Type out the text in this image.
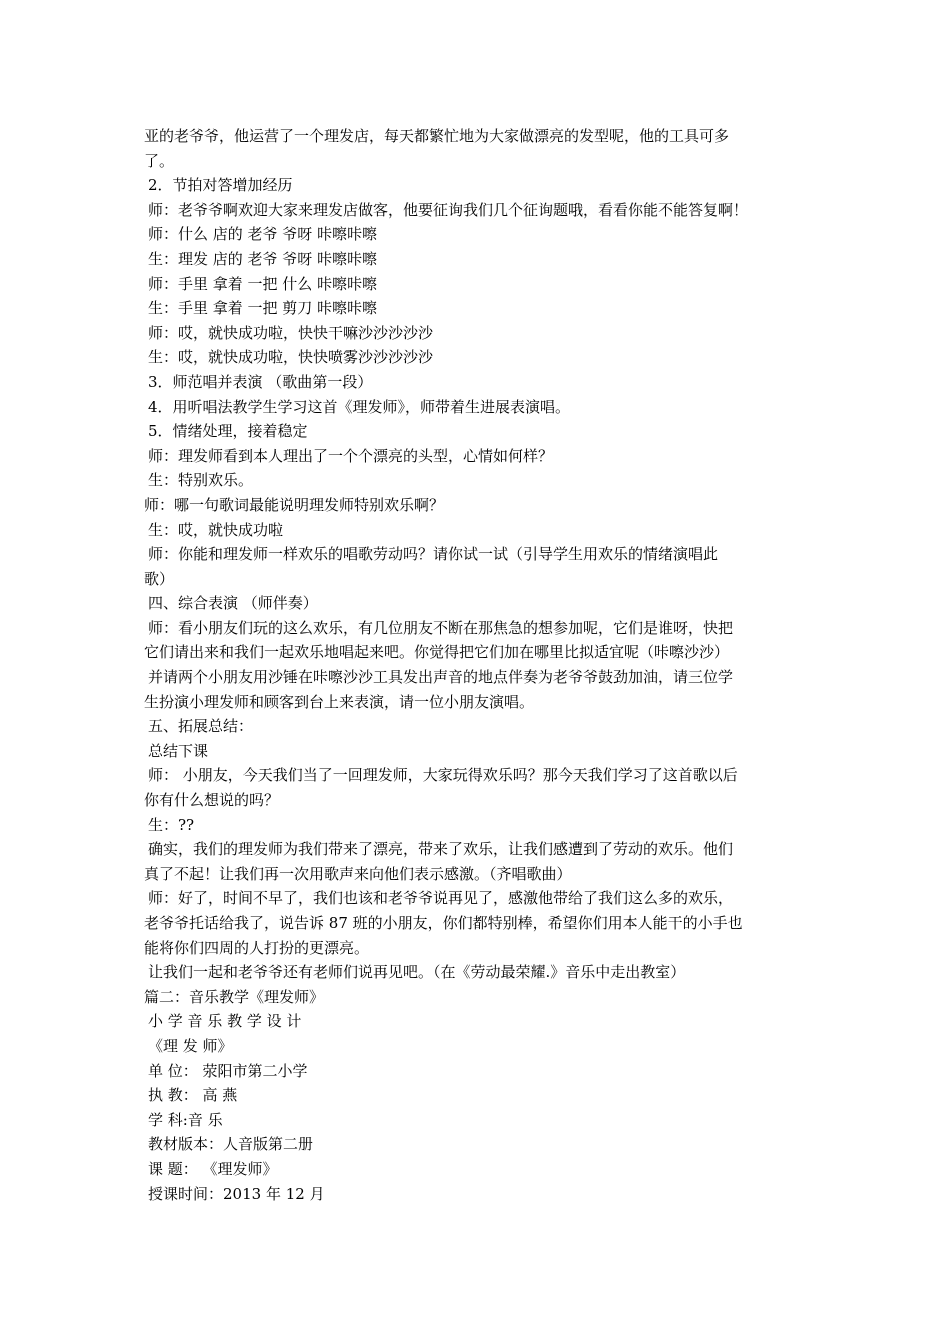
亚的老爷爷，他运营了一个理发店，每天都繁忙地为大家做漂亮的发型呢，他的工具可多
了。
2．节拍对答增加经历
师：老爷爷啊欢迎大家来理发店做客，他要征询我们几个征询题哦，看看你能不能答复啊！
师：什么 店的 老爷 爷呀 咔嚓咔嚓
生：理发 店的 老爷 爷呀 咔嚓咔嚓
师：手里 拿着 一把 什么 咔嚓咔嚓
生：手里 拿着 一把 剪刀 咔嚓咔嚓
师：哎，就快成功啦，快快干嘛沙沙沙沙沙
生：哎，就快成功啦，快快喷雾沙沙沙沙沙
3．师范唱并表演 （歌曲第一段）
4．用听唱法教学生学习这首《理发师》，师带着生进展表演唱。
5．情绪处理，接着稳定
师：理发师看到本人理出了一个个漂亮的头型，心情如何样？
生：特别欢乐。
师：哪一句歌词最能说明理发师特别欢乐啊？
生：哎，就快成功啦
师：你能和理发师一样欢乐的唱歌劳动吗？请你试一试（引导学生用欢乐的情绪演唱此
歌）
四、综合表演 （师伴奏）
师：看小朋友们玩的这么欢乐，有几位朋友不断在那焦急的想参加呢，它们是谁呀，快把
它们请出来和我们一起欢乐地唱起来吧。你觉得把它们加在哪里比拟适宜呢（咔嚓沙沙）
并请两个小朋友用沙锤在咔嚓沙沙工具发出声音的地点伴奏为老爷爷鼓劲加油，请三位学
生扮演小理发师和顾客到台上来表演，请一位小朋友演唱。
五、拓展总结：
总结下课
师： 小朋友，今天我们当了一回理发师，大家玩得欢乐吗？那今天我们学习了这首歌以后
你有什么想说的吗？
生：??
确实，我们的理发师为我们带来了漂亮，带来了欢乐，让我们感遭到了劳动的欢乐。他们
真了不起！让我们再一次用歌声来向他们表示感激。（齐唱歌曲）
师：好了，时间不早了，我们也该和老爷爷说再见了，感激他带给了我们这么多的欢乐，
老爷爷托话给我了，说告诉 87 班的小朋友，你们都特别棒，希望你们用本人能干的小手也
能将你们四周的人打扮的更漂亮。
让我们一起和老爷爷还有老师们说再见吧。（在《劳动最荣耀.》音乐中走出教室）
篇二：音乐教学《理发师》
小 学 音 乐 教 学 设 计
《理 发 师》
单 位： 荥阳市第二小学
执 教： 高 燕
学 科:音 乐
教材版本：人音版第二册
课 题： 《理发师》
授课时间：2013 年 12 月
